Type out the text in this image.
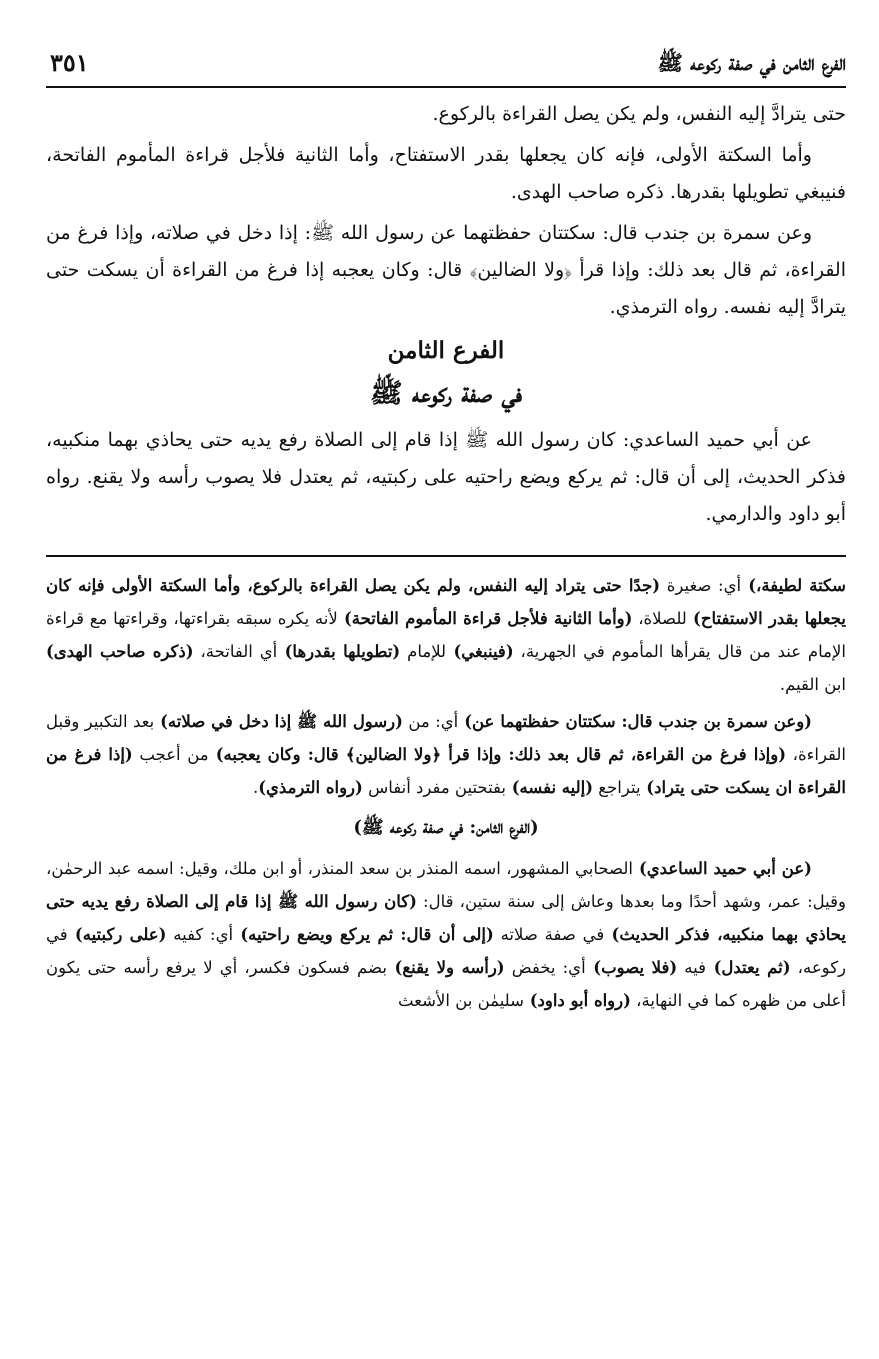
الفرع الثامن في صفة ركوعه ﷺ
٣٥١

حتى يترادَّ إليه النفس، ولم يكن يصل القراءة بالركوع.

وأما السكتة الأولى، فإنه كان يجعلها بقدر الاستفتاح، وأما الثانية فلأجل قراءة المأموم الفاتحة، فنيبغي تطويلها بقدرها. ذكره صاحب الهدى.

وعن سمرة بن جندب قال: سكتتان حفظتهما عن رسول الله ﷺ: إذا دخل في صلاته، وإذا فرغ من القراءة، ثم قال بعد ذلك: وإذا قرأ ﴿ولا الضالين﴾ قال: وكان يعجبه إذا فرغ من القراءة أن يسكت حتى يترادَّ إليه نفسه. رواه الترمذي.

الفرع الثامن
في صفة ركوعه ﷺ

عن أبي حميد الساعدي: كان رسول الله ﷺ إذا قام إلى الصلاة رفع يديه حتى يحاذي بهما منكبيه، فذكر الحديث، إلى أن قال: ثم يركع ويضع راحتيه على ركبتيه، ثم يعتدل فلا يصوب رأسه ولا يقنع. رواه أبو داود والدارمي.

سكتة لطيفة،) أي: صغيرة (جدًا حتى يتراد إليه النفس، ولم يكن يصل القراءة بالركوع، وأما السكتة الأولى فإنه كان يجعلها بقدر الاستفتاح) للصلاة، (وأما الثانية فلأجل قراءة المأموم الفاتحة) لأنه يكره سبقه بقراءتها، وقراءتها مع قراءة الإمام عند من قال يقرأها المأموم في الجهرية، (فينبغي) للإمام (تطويلها بقدرها) أي الفاتحة، (ذكره صاحب الهدى) ابن القيم.

(وعن سمرة بن جندب قال: سكتتان حفظتهما عن) أي: من (رسول الله ﷺ إذا دخل في صلاته) بعد التكبير وقبل القراءة، (وإذا فرغ من القراءة، ثم قال بعد ذلك: وإذا قرأ ﴿ولا الضالين﴾ قال: وكان يعجبه) من أعجب (إذا فرغ من القراءة ان يسكت حتى يتراد) يتراجع (إليه نفسه) بفتحتين مفرد أنفاس (رواه الترمذي).

(الفرع الثامن: في صفة ركوعه ﷺ)

(عن أبي حميد الساعدي) الصحابي المشهور، اسمه المنذر بن سعد المنذر، أو ابن ملك، وقيل: اسمه عبد الرحمٰن، وقيل: عمر، وشهد أحدًا وما بعدها وعاش إلى سنة ستين، قال: (كان رسول الله ﷺ إذا قام إلى الصلاة رفع يديه حتى يحاذي بهما منكبيه، فذكر الحديث) في صفة صلاته (إلى أن قال: ثم يركع ويضع راحتيه) أي: كفيه (على ركبتيه) في ركوعه، (ثم يعتدل) فيه (فلا يصوب) أي: يخفض (رأسه ولا يقنع) بضم فسكون فكسر، أي لا يرفع رأسه حتى يكون أعلى من ظهره كما في النهاية، (رواه أبو داود) سليمٰن بن الأشعث
